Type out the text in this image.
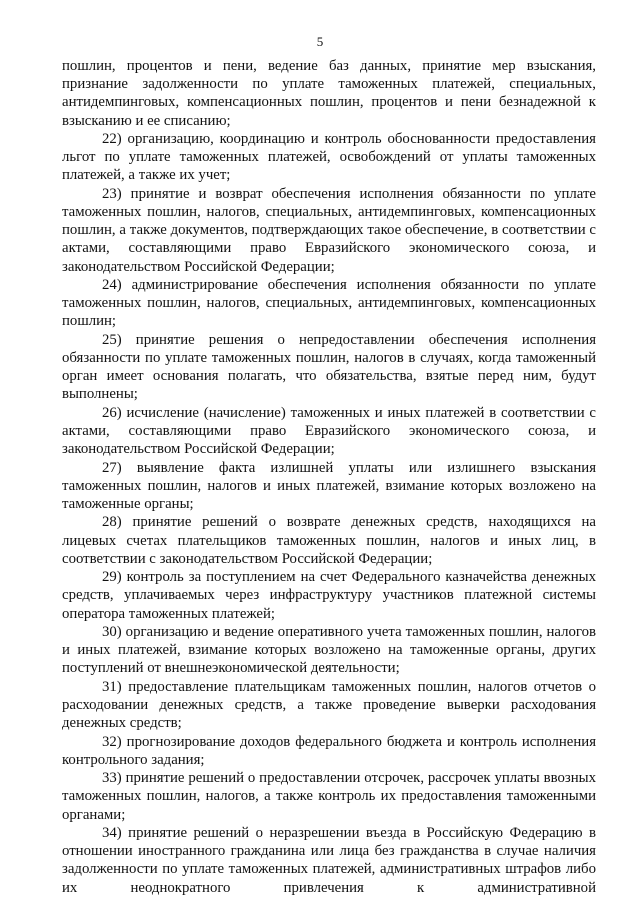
5

пошлин, процентов и пени, ведение баз данных, принятие мер взыскания, признание задолженности по уплате таможенных платежей, специальных, антидемпинговых, компенсационных пошлин, процентов и пени безнадежной к взысканию и ее списанию;

22) организацию, координацию и контроль обоснованности предоставления льгот по уплате таможенных платежей, освобождений от уплаты таможенных платежей, а также их учет;

23) принятие и возврат обеспечения исполнения обязанности по уплате таможенных пошлин, налогов, специальных, антидемпинговых, компенсационных пошлин, а также документов, подтверждающих такое обеспечение, в соответствии с актами, составляющими право Евразийского экономического союза, и законодательством Российской Федерации;

24) администрирование обеспечения исполнения обязанности по уплате таможенных пошлин, налогов, специальных, антидемпинговых, компенсационных пошлин;

25) принятие решения о непредоставлении обеспечения исполнения обязанности по уплате таможенных пошлин, налогов в случаях, когда таможенный орган имеет основания полагать, что обязательства, взятые перед ним, будут выполнены;

26) исчисление (начисление) таможенных и иных платежей в соответствии с актами, составляющими право Евразийского экономического союза, и законодательством Российской Федерации;

27) выявление факта излишней уплаты или излишнего взыскания таможенных пошлин, налогов и иных платежей, взимание которых возложено на таможенные органы;

28) принятие решений о возврате денежных средств, находящихся на лицевых счетах плательщиков таможенных пошлин, налогов и иных лиц, в соответствии с законодательством Российской Федерации;

29) контроль за поступлением на счет Федерального казначейства денежных средств, уплачиваемых через инфраструктуру участников платежной системы оператора таможенных платежей;

30) организацию и ведение оперативного учета таможенных пошлин, налогов и иных платежей, взимание которых возложено на таможенные органы, других поступлений от внешнеэкономической деятельности;

31) предоставление плательщикам таможенных пошлин, налогов отчетов о расходовании денежных средств, а также проведение выверки расходования денежных средств;

32) прогнозирование доходов федерального бюджета и контроль исполнения контрольного задания;

33) принятие решений о предоставлении отсрочек, рассрочек уплаты ввозных таможенных пошлин, налогов, а также контроль их предоставления таможенными органами;

34) принятие решений о неразрешении въезда в Российскую Федерацию в отношении иностранного гражданина или лица без гражданства в случае наличия задолженности по уплате таможенных платежей, административных штрафов либо их неоднократного привлечения к административной
